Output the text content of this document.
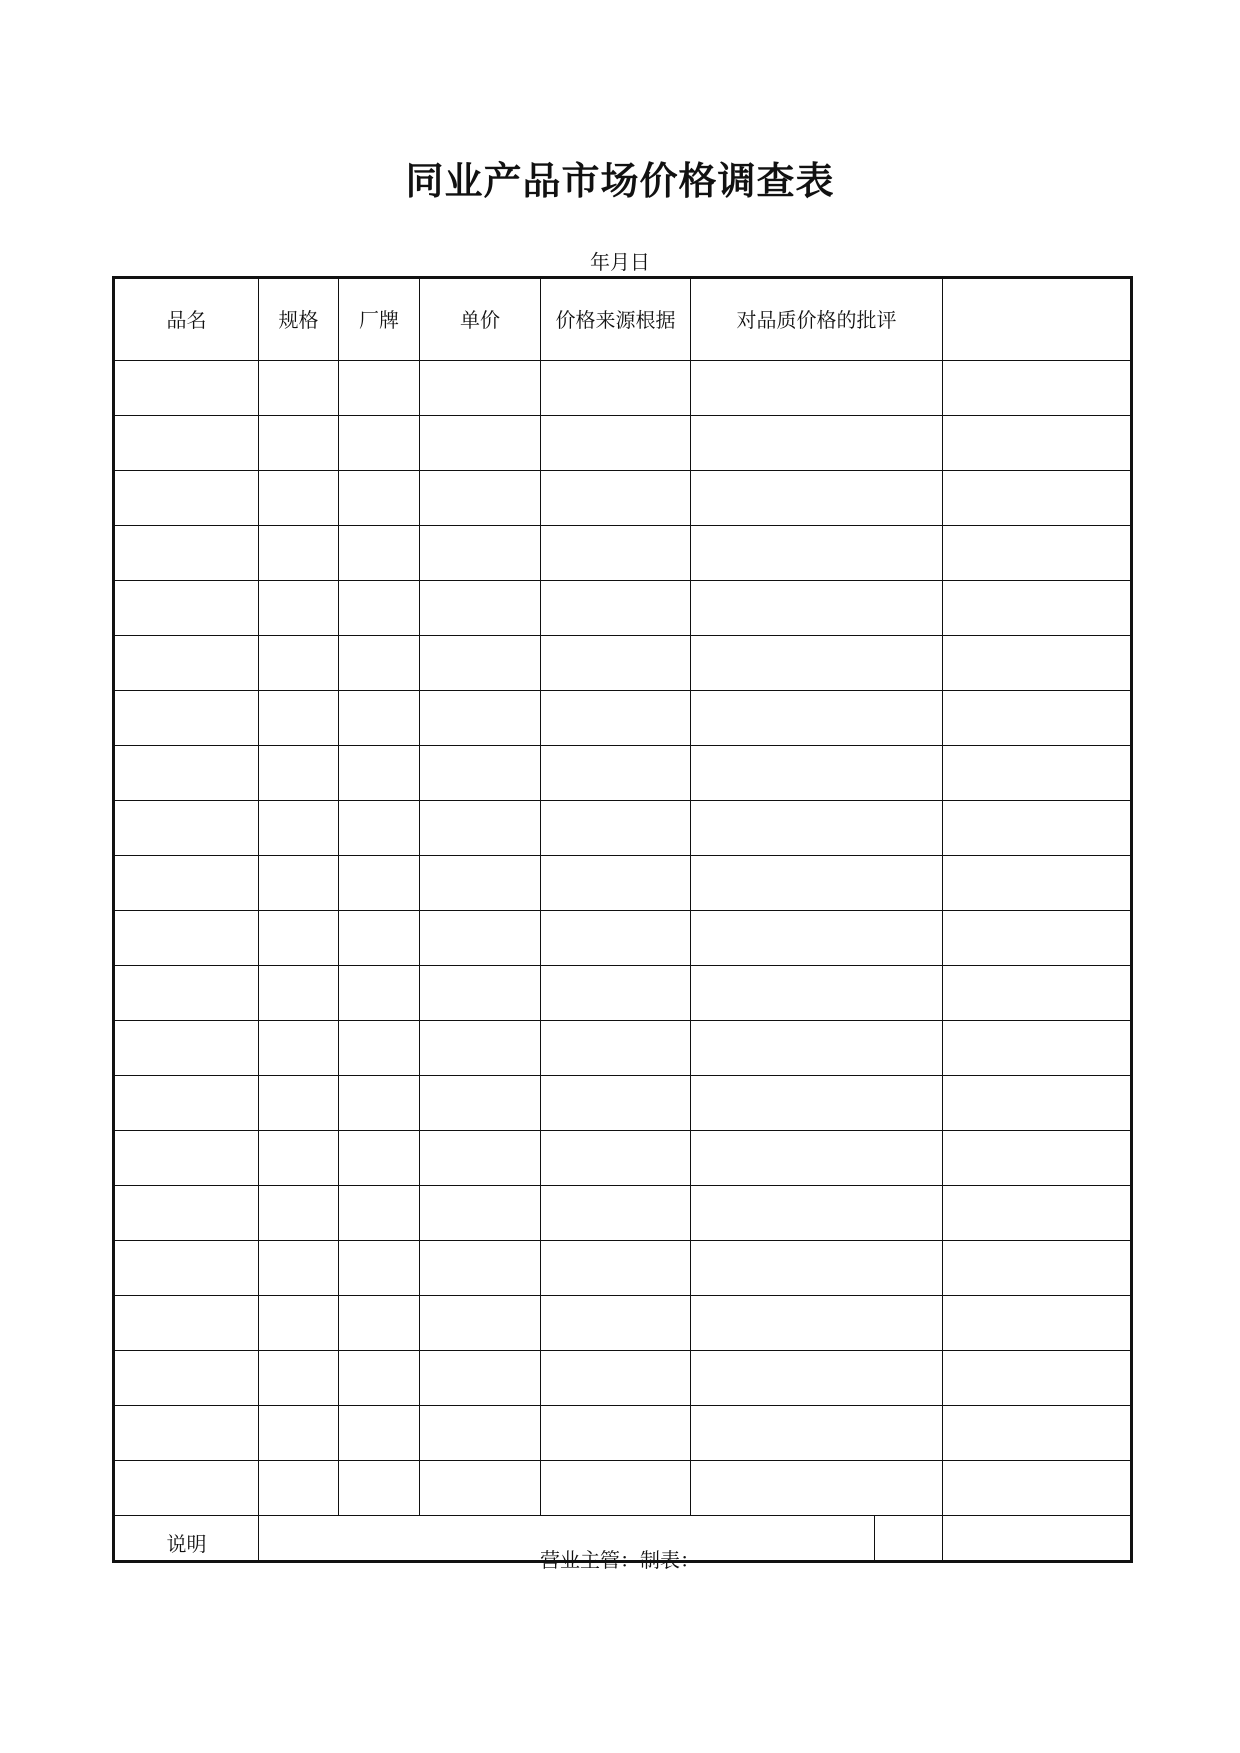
同业产品市场价格调查表
年月日
品名	规格	厂牌	单价	价格来源根据	对品质价格的批评	

说明					

营业主管：制表：
